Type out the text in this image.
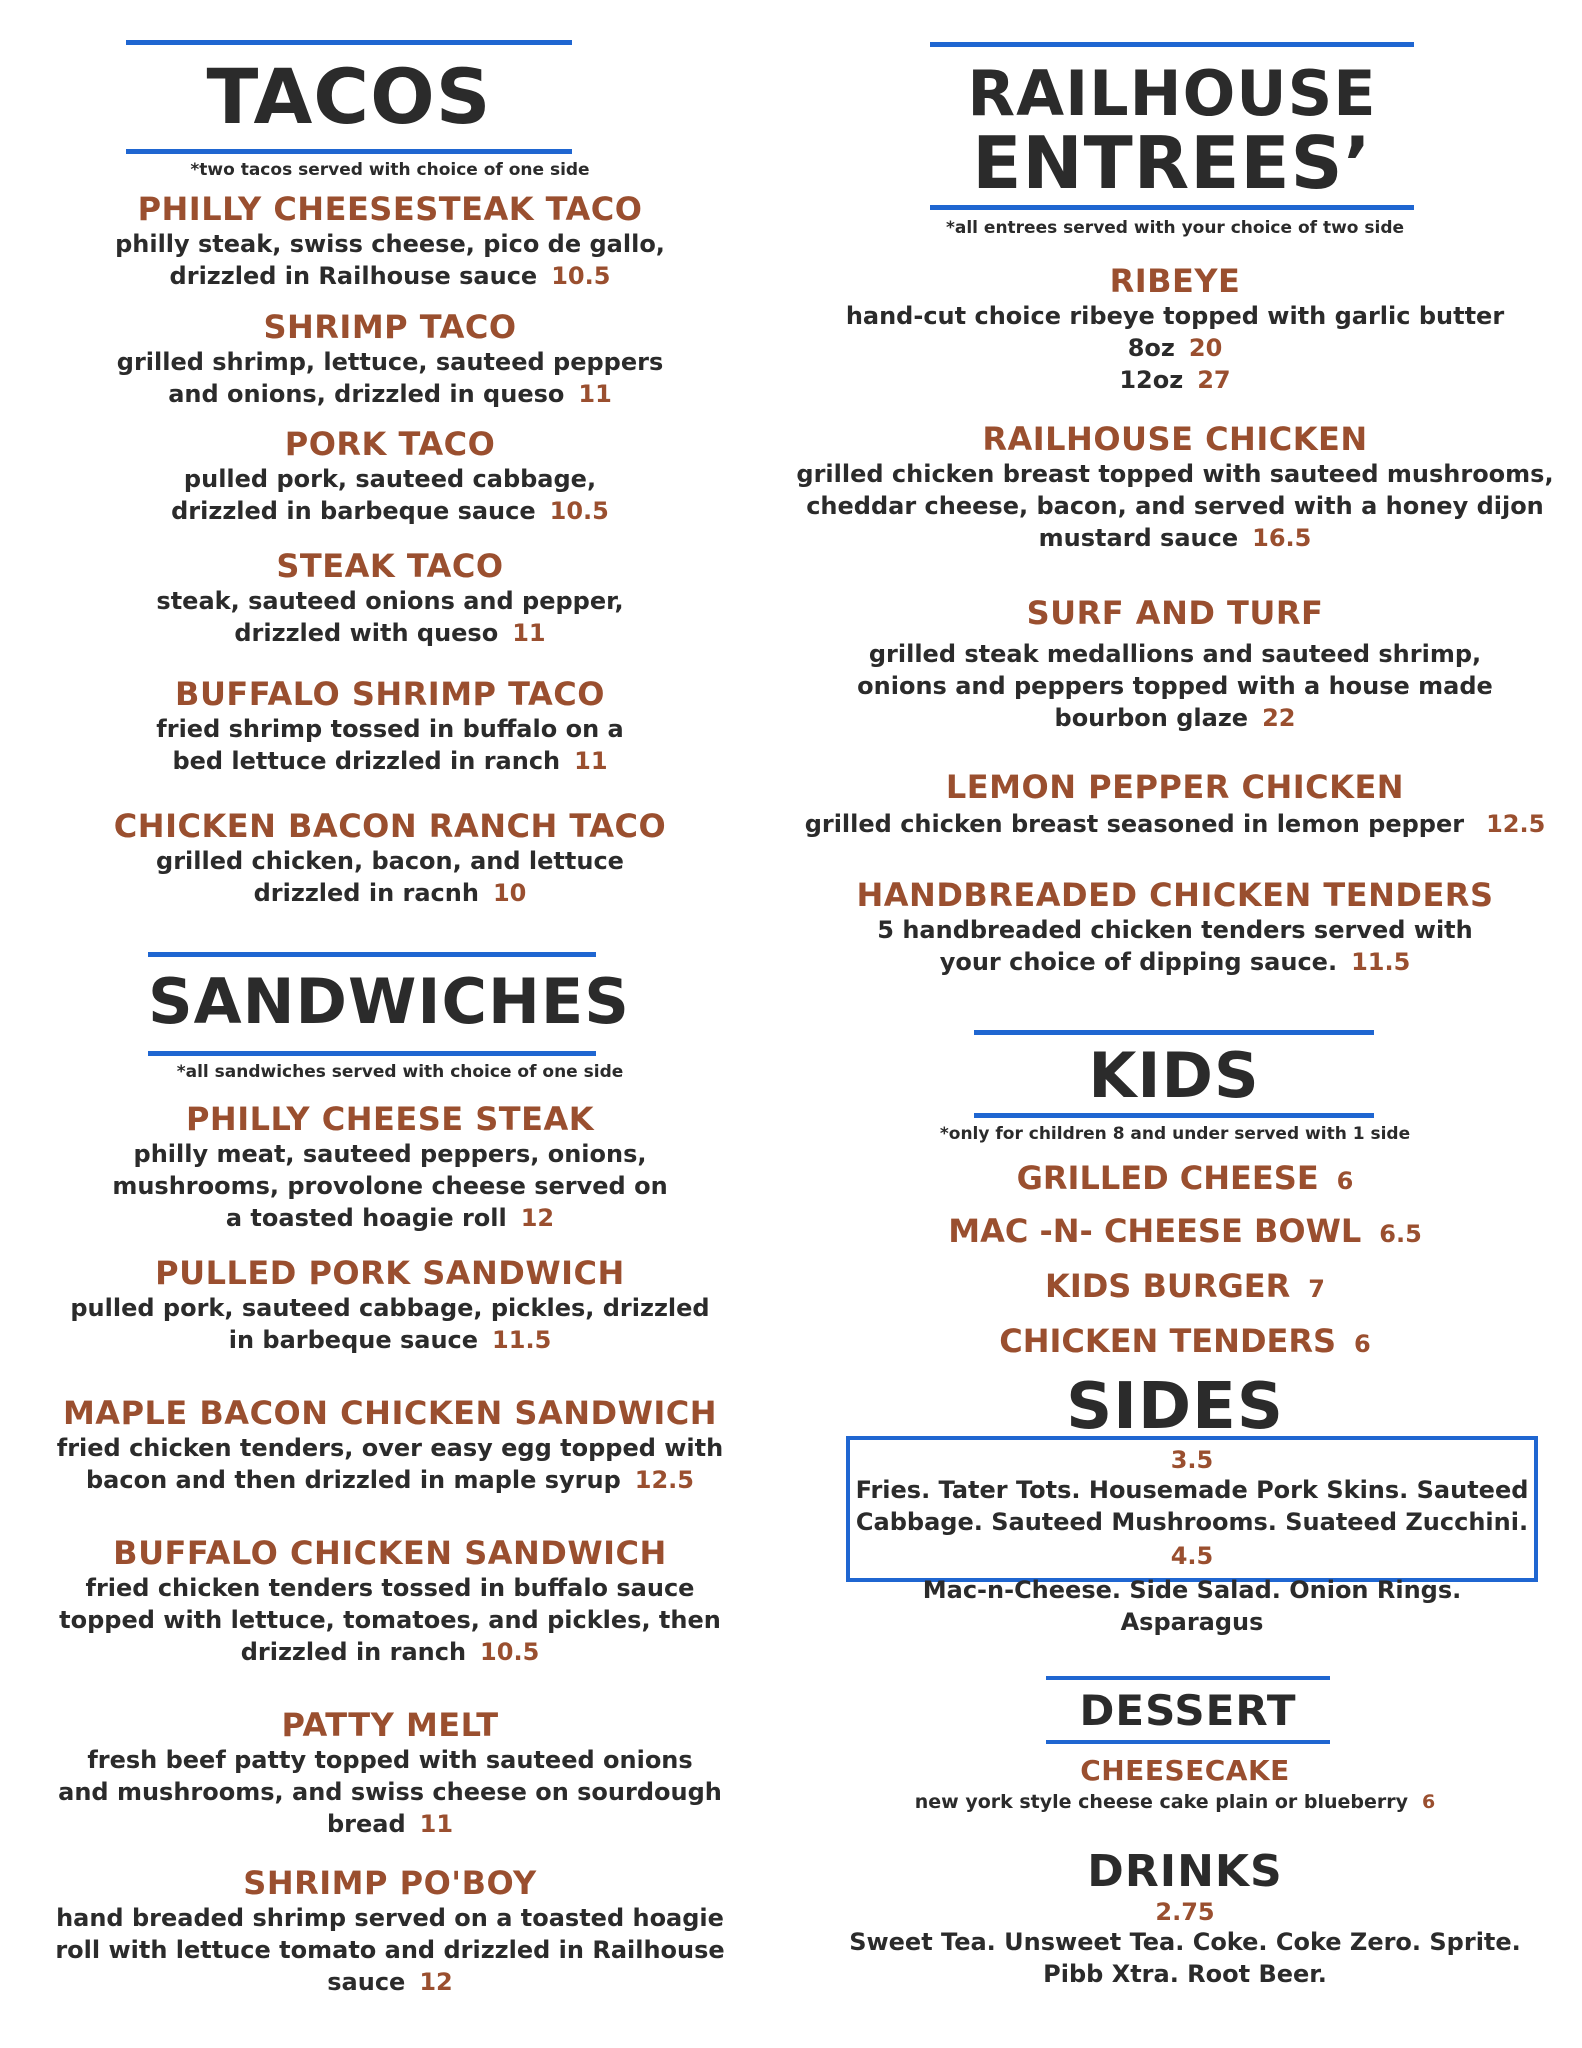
TACOS
*two tacos served with choice of one side
PHILLY CHEESESTEAK TACO
philly steak, swiss cheese, pico de gallo,
drizzled in Railhouse sauce 10.5
SHRIMP TACO
grilled shrimp, lettuce, sauteed peppers
and onions, drizzled in queso 11
PORK TACO
pulled pork, sauteed cabbage,
drizzled in barbeque sauce 10.5
STEAK TACO
steak, sauteed onions and pepper,
drizzled with queso 11
BUFFALO SHRIMP TACO
fried shrimp tossed in buffalo on a
bed lettuce drizzled in ranch 11
CHICKEN BACON RANCH TACO
grilled chicken, bacon, and lettuce
drizzled in racnh 10
SANDWICHES
*all sandwiches served with choice of one side
PHILLY CHEESE STEAK
philly meat, sauteed peppers, onions,
mushrooms, provolone cheese served on
a toasted hoagie roll 12
PULLED PORK SANDWICH
pulled pork, sauteed cabbage, pickles, drizzled
in barbeque sauce 11.5
MAPLE BACON CHICKEN SANDWICH
fried chicken tenders, over easy egg topped with
bacon and then drizzled in maple syrup 12.5
BUFFALO CHICKEN SANDWICH
fried chicken tenders tossed in buffalo sauce
topped with lettuce, tomatoes, and pickles, then
drizzled in ranch 10.5
PATTY MELT
fresh beef patty topped with sauteed onions
and mushrooms, and swiss cheese on sourdough
bread 11
SHRIMP PO'BOY
hand breaded shrimp served on a toasted hoagie
roll with lettuce tomato and drizzled in Railhouse
sauce 12
RAILHOUSE
ENTREES’
*all entrees served with your choice of two side
RIBEYE
hand-cut choice ribeye topped with garlic butter
8oz 20
12oz 27
RAILHOUSE CHICKEN
grilled chicken breast topped with sauteed mushrooms,
cheddar cheese, bacon, and served with a honey dijon
mustard sauce 16.5
SURF AND TURF
grilled steak medallions and sauteed shrimp,
onions and peppers topped with a house made
bourbon glaze 22
LEMON PEPPER CHICKEN
grilled chicken breast seasoned in lemon pepper 12.5
HANDBREADED CHICKEN TENDERS
5 handbreaded chicken tenders served with
your choice of dipping sauce. 11.5
KIDS
*only for children 8 and under served with 1 side
GRILLED CHEESE 6
MAC -N- CHEESE BOWL 6.5
KIDS BURGER 7
CHICKEN TENDERS 6
SIDES
3.5
Fries. Tater Tots. Housemade Pork Skins. Sauteed
Cabbage. Sauteed Mushrooms. Suateed Zucchini.
4.5
Mac-n-Cheese. Side Salad. Onion Rings. Asparagus
DESSERT
CHEESECAKE
new york style cheese cake plain or blueberry 6
DRINKS
2.75
Sweet Tea. Unsweet Tea. Coke. Coke Zero. Sprite.
Pibb Xtra. Root Beer.
